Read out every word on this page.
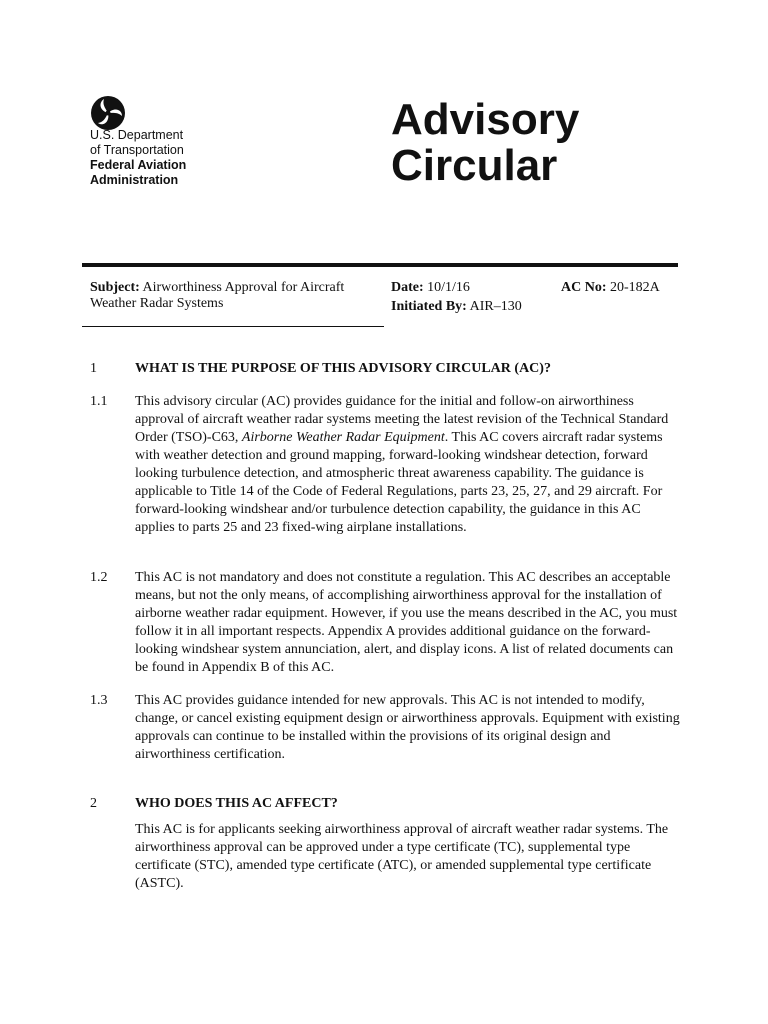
U.S. Department
of Transportation
Federal Aviation
Administration
Advisory
Circular
Subject: Airworthiness Approval for Aircraft Weather Radar Systems
Date: 10/1/16
Initiated By: AIR–130
AC No: 20-182A
1	WHAT IS THE PURPOSE OF THIS ADVISORY CIRCULAR (AC)?
1.1 This advisory circular (AC) provides guidance for the initial and follow-on airworthiness approval of aircraft weather radar systems meeting the latest revision of the Technical Standard Order (TSO)-C63, Airborne Weather Radar Equipment. This AC covers aircraft radar systems with weather detection and ground mapping, forward-looking windshear detection, forward looking turbulence detection, and atmospheric threat awareness capability. The guidance is applicable to Title 14 of the Code of Federal Regulations, parts 23, 25, 27, and 29 aircraft. For forward-looking windshear and/or turbulence detection capability, the guidance in this AC applies to parts 25 and 23 fixed-wing airplane installations.
1.2 This AC is not mandatory and does not constitute a regulation. This AC describes an acceptable means, but not the only means, of accomplishing airworthiness approval for the installation of airborne weather radar equipment. However, if you use the means described in the AC, you must follow it in all important respects. Appendix A provides additional guidance on the forward-looking windshear system annunciation, alert, and display icons. A list of related documents can be found in Appendix B of this AC.
1.3 This AC provides guidance intended for new approvals. This AC is not intended to modify, change, or cancel existing equipment design or airworthiness approvals. Equipment with existing approvals can continue to be installed within the provisions of its original design and airworthiness certification.
2	WHO DOES THIS AC AFFECT?
This AC is for applicants seeking airworthiness approval of aircraft weather radar systems. The airworthiness approval can be approved under a type certificate (TC), supplemental type certificate (STC), amended type certificate (ATC), or amended supplemental type certificate (ASTC).
